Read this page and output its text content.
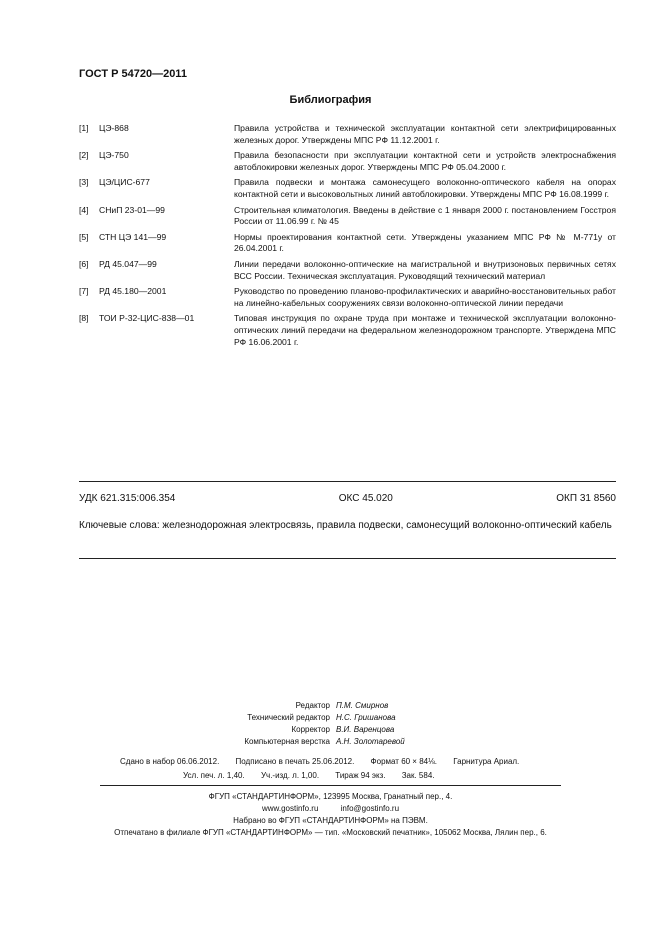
ГОСТ Р 54720—2011
Библиография
[1]	ЦЭ-868	Правила устройства и технической эксплуатации контактной сети электрифицированных железных дорог. Утверждены МПС РФ 11.12.2001 г.
[2]	ЦЭ-750	Правила безопасности при эксплуатации контактной сети и устройств электроснабжения автоблокировки железных дорог. Утверждены МПС РФ 05.04.2000 г.
[3]	ЦЭ/ЦИС-677	Правила подвески и монтажа самонесущего волоконно-оптического кабеля на опорах контактной сети и высоковольтных линий автоблокировки. Утверждены МПС РФ 16.08.1999 г.
[4]	СНиП 23-01—99	Строительная климатология. Введены в действие с 1 января 2000 г. постановлением Госстроя России от 11.06.99 г. № 45
[5]	СТН ЦЭ 141—99	Нормы проектирования контактной сети. Утверждены указанием МПС РФ № М-771у от 26.04.2001 г.
[6]	РД 45.047—99	Линии передачи волоконно-оптические на магистральной и внутризоновых первичных сетях ВСС России. Техническая эксплуатация. Руководящий технический материал
[7]	РД 45.180—2001	Руководство по проведению планово-профилактических и аварийно-восстановительных работ на линейно-кабельных сооружениях связи волоконно-оптической линии передачи
[8]	ТОИ Р-32-ЦИС-838—01	Типовая инструкция по охране труда при монтаже и технической эксплуатации волоконно-оптических линий передачи на федеральном железнодорожном транспорте. Утверждена МПС РФ 16.06.2001 г.
УДК 621.315:006.354	ОКС 45.020	ОКП 31 8560
Ключевые слова: железнодорожная электросвязь, правила подвески, самонесущий волоконно-оптический кабель
Редактор П.М. Смирнов
Технический редактор Н.С. Гришанова
Корректор В.И. Варенцова
Компьютерная верстка А.Н. Золотаревой
Сдано в набор 06.06.2012. Подписано в печать 25.06.2012. Формат 60 × 84⅛. Гарнитура Ариал.
Усл. печ. л. 1,40. Уч.-изд. л. 1,00. Тираж 94 экз. Зак. 584.
ФГУП «СТАНДАРТИНФОРМ», 123995 Москва, Гранатный пер., 4.
www.gostinfo.ru	info@gostinfo.ru
Набрано во ФГУП «СТАНДАРТИНФОРМ» на ПЭВМ.
Отпечатано в филиале ФГУП «СТАНДАРТИНФОРМ» — тип. «Московский печатник», 105062 Москва, Лялин пер., 6.
